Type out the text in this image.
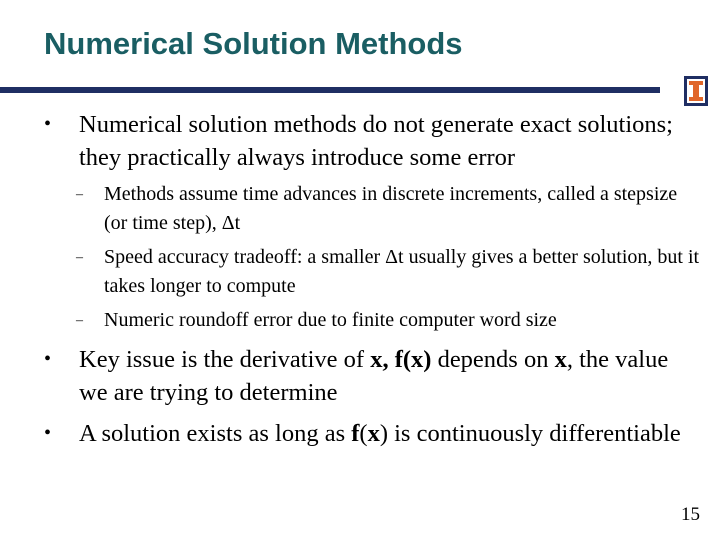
Numerical Solution Methods
• Numerical solution methods do not generate exact solutions; they practically always introduce some error
– Methods assume time advances in discrete increments, called a stepsize (or time step), Δt
– Speed accuracy tradeoff: a smaller Δt usually gives a better solution, but it takes longer to compute
– Numeric roundoff error due to finite computer word size
• Key issue is the derivative of x, f(x) depends on x, the value we are trying to determine
• A solution exists as long as f(x) is continuously differentiable
15
